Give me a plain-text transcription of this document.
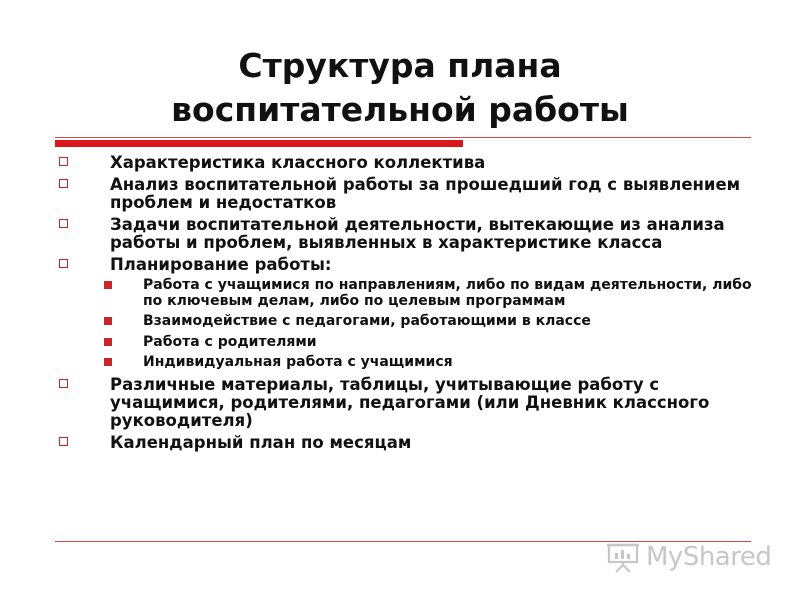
Структура плана
воспитательной работы
Характеристика классного коллектива
Анализ воспитательной работы за прошедший год с выявлением проблем и недостатков
Задачи воспитательной деятельности, вытекающие из анализа работы и проблем, выявленных в характеристике класса
Планирование работы:
Работа с учащимися по направлениям, либо по видам деятельности, либо по ключевым делам, либо по целевым программам
Взаимодействие с педагогами, работающими в классе
Работа с родителями
Индивидуальная работа с учащимися
Различные материалы, таблицы, учитывающие работу с учащимися, родителями, педагогами (или Дневник классного руководителя)
Календарный план по месяцам
MyShared
